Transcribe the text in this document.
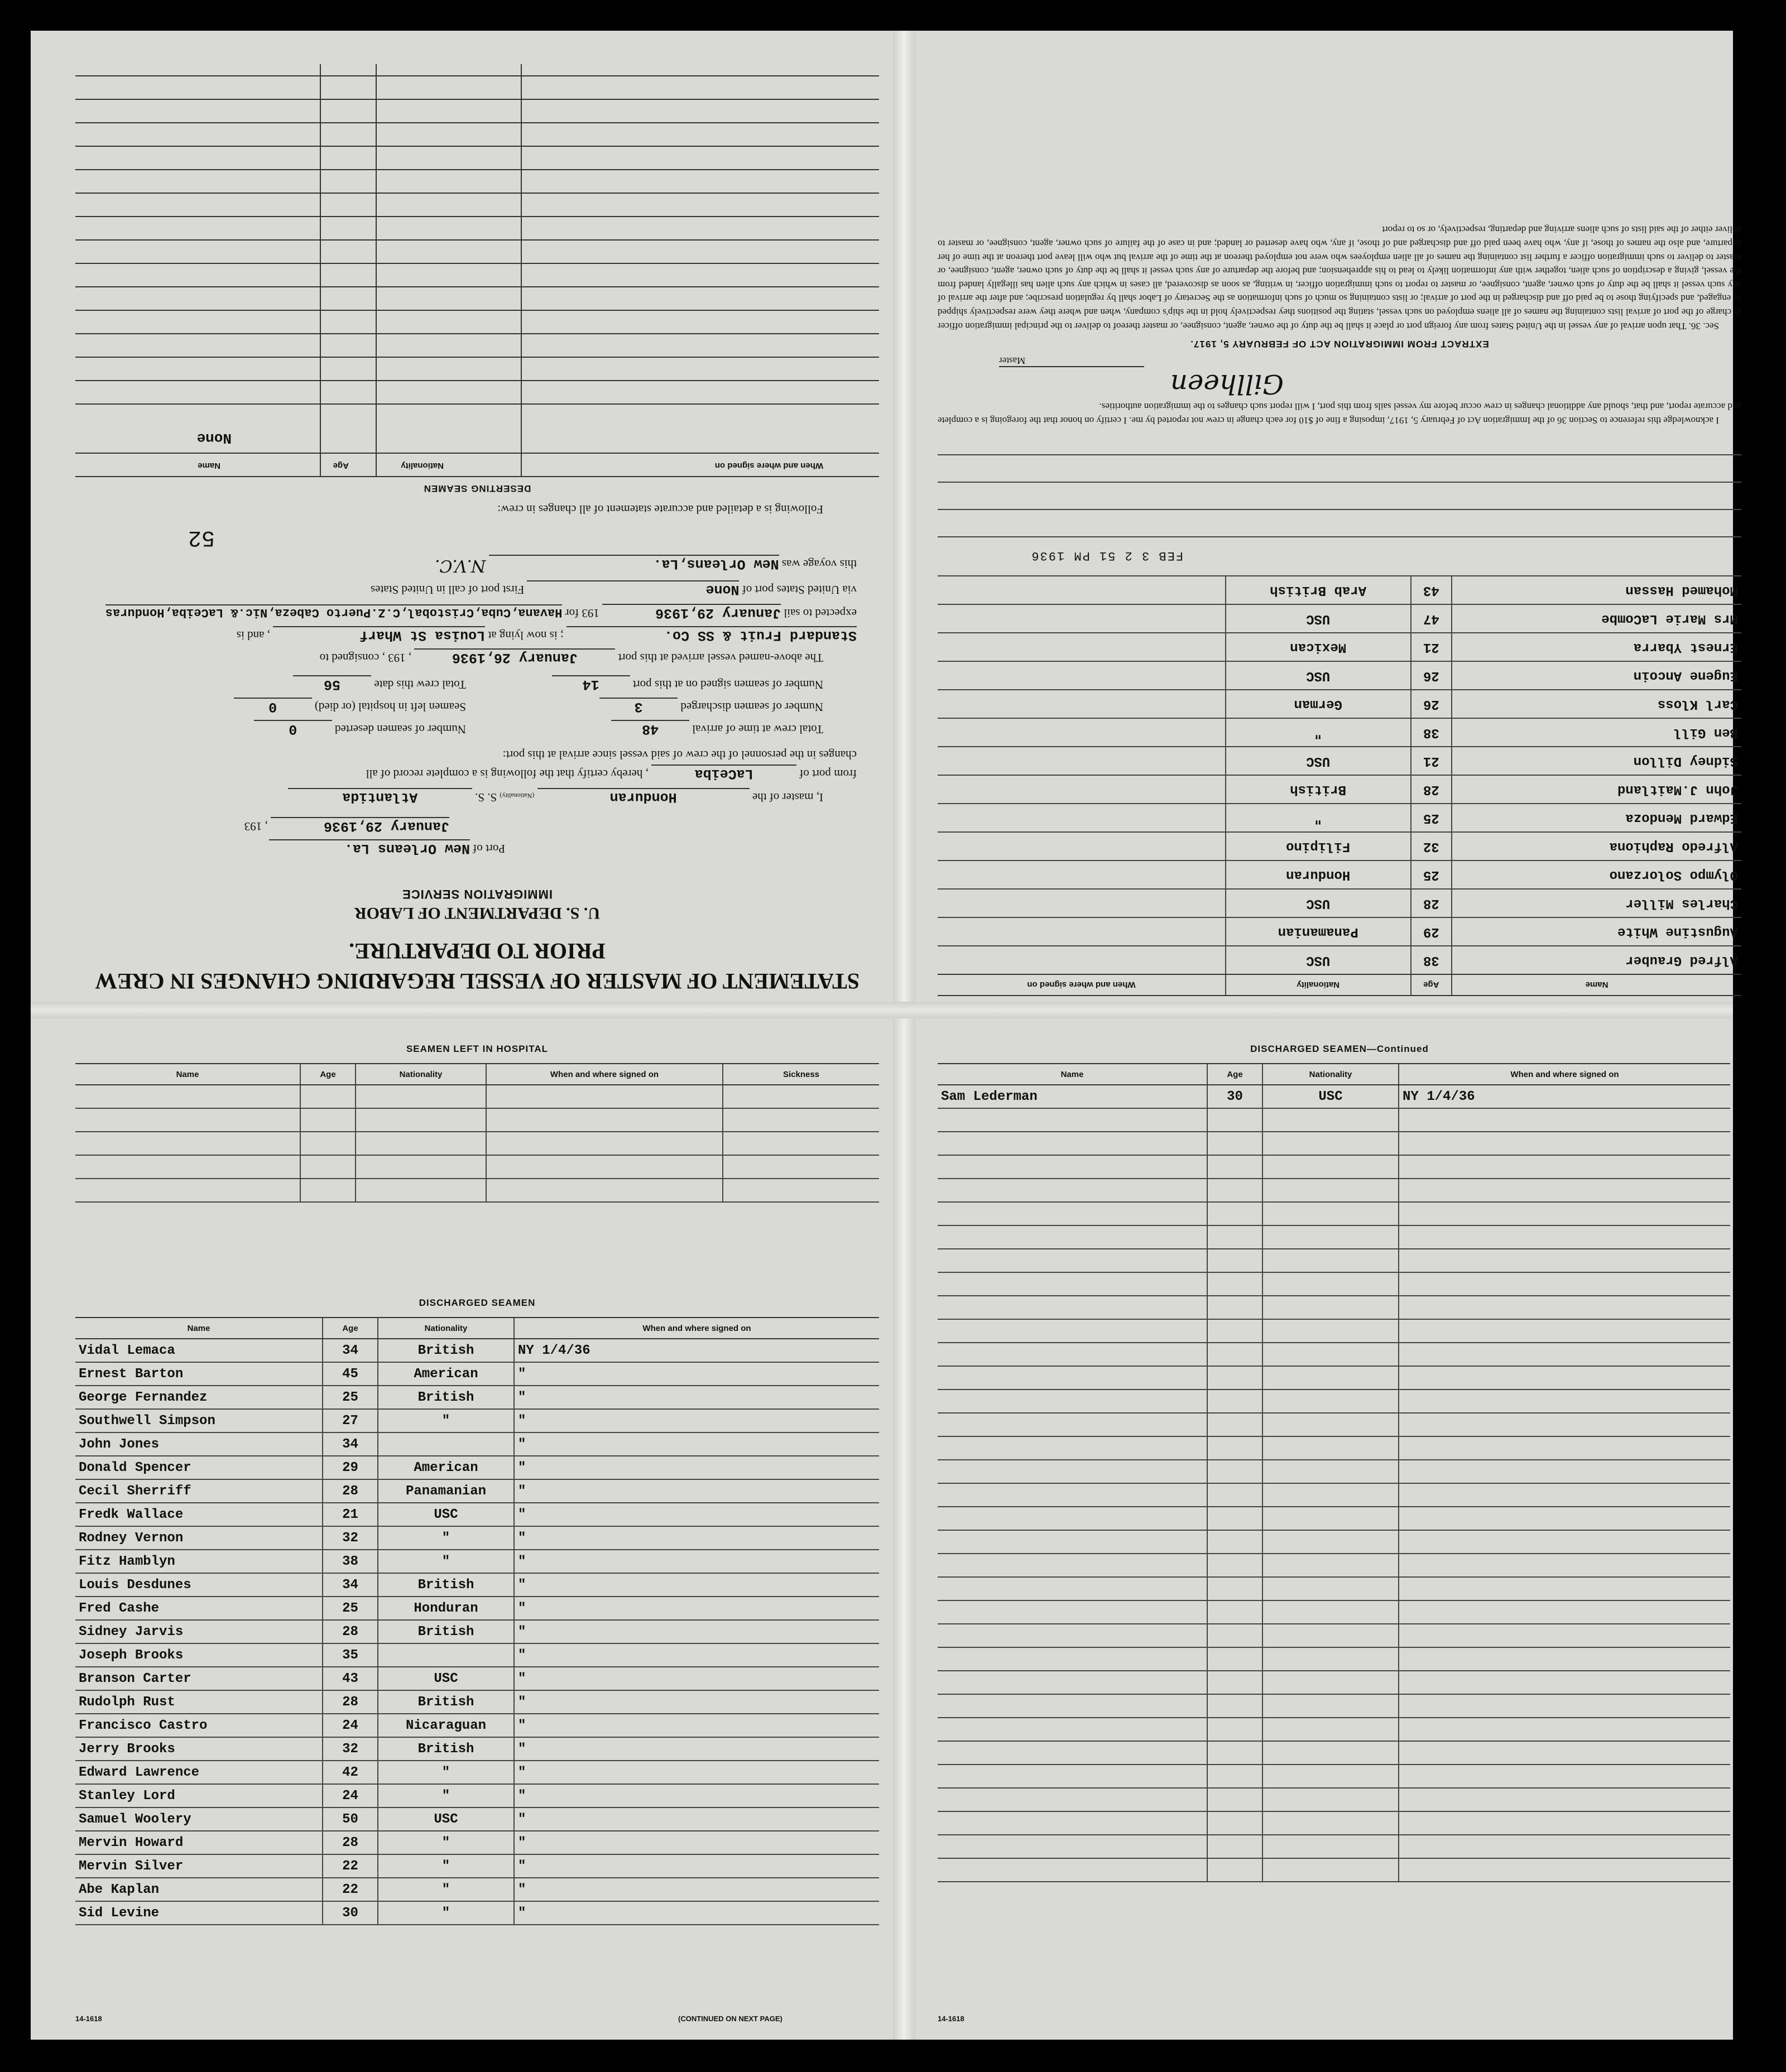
STATEMENT OF MASTER OF VESSEL REGARDING CHANGES IN CREW
PRIOR TO DEPARTURE.
U. S. DEPARTMENT OF LABOR
IMMIGRATION SERVICE
Port of New Orleans La.
January 29,1936 , 193
I, master of the Honduran (Nationality) S. S. Atlantida
from port of LaCeiba , hereby certify that the following is a complete record of all
changes in the personnel of the crew of said vessel since arrival at this port:
Total crew at time of arrival 48
Number of seamen deserted 0
Number of seamen discharged 3
Seamen left in hospital (or died) 0
Number of seamen signed on at this port 14
Total crew this date 56
The above-named vessel arrived at this port January 26,1936 , 193 , consigned to
Standard Fruit & SS Co. ; is now lying at Louisa St Wharf , and is
expected to sail January 29,1936 193 for Havana,Cuba,Cristobal,C.Z.Puerto Cabeza,Nic.& LaCeiba,Honduras
via United States port of None First port of call in United States
this voyage was New Orleans,La. N.V.C.
52
Following is a detailed and accurate statement of all changes in crew:
DESERTING SEAMEN
Name	Age	Nationality	When and where signed on
None
Name	Age	Nationality	When and where signed on
Alfred Grauber	38	USC	
Augustine White	29	Panamanian	
Charles Miller	28	USC	
Olympo Solorzano	25	Honduran	
Alfredo Raphiona	32	Filipino	
Edward Mendoza	25	"	
John J.Maitland	28	British	
Sidney Dillon	21	USC	
Ben Gill	38	"	
Carl Kloss	26	German	
Eugene Ancoin	26	USC	
Ernest Ybarra	21	Mexican	
Mrs Marie LaCombe	47	USC	
Mohamed Hassan	43	Arab British	
FEB 3 2 51 PM 1936
I acknowledge this reference to Section 36 of the Immigration Act of February 5, 1917, imposing a fine of $10 for each change in crew not reported by me. I certify on honor that the foregoing is a complete and accurate report, and that, should any additional changes in crew occur before my vessel sails from this port, I will report such changes to the immigration authorities.
Gillheen
Master
EXTRACT FROM IMMIGRATION ACT OF FEBRUARY 5, 1917.
Sec. 36. That upon arrival of any vessel in the United States from any foreign port or place it shall be the duty of the owner, agent, consignee, or master thereof to deliver to the principal immigration officer in charge of the port of arrival lists containing the names of all aliens employed on such vessel, stating the positions they respectively hold in the ship's company, when and where they were respectively shipped or engaged, and specifying those to be paid off and discharged in the port of arrival; or lists containing so much of such information as the Secretary of Labor shall by regulation prescribe; and after the arrival of any such vessel it shall be the duty of such owner, agent, consignee, or master to report to such immigration officer, in writing, as soon as discovered, all cases in which any such alien has illegally landed from the vessel, giving a description of such alien, together with any information likely to lead to his apprehension; and before the departure of any such vessel it shall be the duty of such owner, agent, consignee, or master to deliver to such immigration officer a further list containing the names of all alien employees who were not employed thereon at the time of the arrival but who will leave port thereon at the time of her departure, and also the names of those, if any, who have been paid off and discharged and of those, if any, who have deserted or landed; and in case of the failure of such owner, agent, consignee, or master to deliver either of the said lists of such aliens arriving and departing, respectively, or so to report
SEAMEN LEFT IN HOSPITAL
Name	Age	Nationality	When and where signed on	Sickness

DISCHARGED SEAMEN
Name	Age	Nationality	When and where signed on
Vidal Lemaca	34	British	NY 1/4/36
Ernest Barton	45	American	"
George Fernandez	25	British	"
Southwell Simpson	27	"	"
John Jones	34		"
Donald Spencer	29	American	"
Cecil Sherriff	28	Panamanian	"
Fredk Wallace	21	USC	"
Rodney Vernon	32	"	"
Fitz Hamblyn	38	"	"
Louis Desdunes	34	British	"
Fred Cashe	25	Honduran	"
Sidney Jarvis	28	British	"
Joseph Brooks	35		"
Branson Carter	43	USC	"
Rudolph Rust	28	British	"
Francisco Castro	24	Nicaraguan	"
Jerry Brooks	32	British	"
Edward Lawrence	42	"	"
Stanley Lord	24	"	"
Samuel Woolery	50	USC	"
Mervin Howard	28	"	"
Mervin Silver	22	"	"
Abe Kaplan	22	"	"
Sid Levine	30	"	"
14-1618	(CONTINUED ON NEXT PAGE)
DISCHARGED SEAMEN—Continued
Name	Age	Nationality	When and where signed on
Sam Lederman	30	USC	NY 1/4/36

14-1618
